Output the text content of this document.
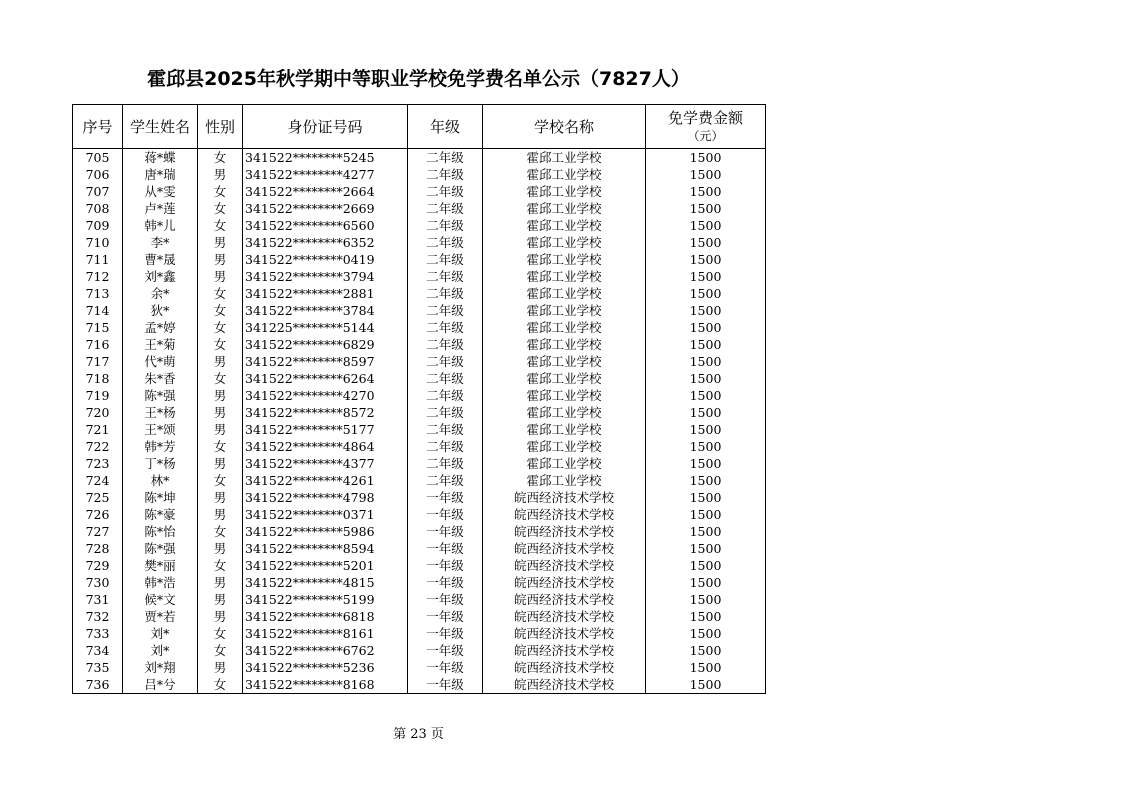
霍邱县2025年秋学期中等职业学校免学费名单公示（7827人）
序号	学生姓名	性别	身份证号码	年级	学校名称	免学费金额
（元）

705	蒋*蝶	女	341522********5245	二年级	霍邱工业学校	1500
706	唐*瑞	男	341522********4277	二年级	霍邱工业学校	1500
707	从*雯	女	341522********2664	二年级	霍邱工业学校	1500
708	卢*莲	女	341522********2669	二年级	霍邱工业学校	1500
709	韩*儿	女	341522********6560	二年级	霍邱工业学校	1500
710	李*	男	341522********6352	二年级	霍邱工业学校	1500
711	曹*晟	男	341522********0419	二年级	霍邱工业学校	1500
712	刘*鑫	男	341522********3794	二年级	霍邱工业学校	1500
713	余*	女	341522********2881	二年级	霍邱工业学校	1500
714	狄*	女	341522********3784	二年级	霍邱工业学校	1500
715	孟*婷	女	341225********5144	二年级	霍邱工业学校	1500
716	王*菊	女	341522********6829	二年级	霍邱工业学校	1500
717	代*萌	男	341522********8597	二年级	霍邱工业学校	1500
718	朱*香	女	341522********6264	二年级	霍邱工业学校	1500
719	陈*强	男	341522********4270	二年级	霍邱工业学校	1500
720	王*杨	男	341522********8572	二年级	霍邱工业学校	1500
721	王*颂	男	341522********5177	二年级	霍邱工业学校	1500
722	韩*芳	女	341522********4864	二年级	霍邱工业学校	1500
723	丁*杨	男	341522********4377	二年级	霍邱工业学校	1500
724	林*	女	341522********4261	二年级	霍邱工业学校	1500
725	陈*坤	男	341522********4798	一年级	皖西经济技术学校	1500
726	陈*豪	男	341522********0371	一年级	皖西经济技术学校	1500
727	陈*怡	女	341522********5986	一年级	皖西经济技术学校	1500
728	陈*强	男	341522********8594	一年级	皖西经济技术学校	1500
729	樊*丽	女	341522********5201	一年级	皖西经济技术学校	1500
730	韩*浩	男	341522********4815	一年级	皖西经济技术学校	1500
731	候*文	男	341522********5199	一年级	皖西经济技术学校	1500
732	贾*若	男	341522********6818	一年级	皖西经济技术学校	1500
733	刘*	女	341522********8161	一年级	皖西经济技术学校	1500
734	刘*	女	341522********6762	一年级	皖西经济技术学校	1500
735	刘*翔	男	341522********5236	一年级	皖西经济技术学校	1500
736	吕*兮	女	341522********8168	一年级	皖西经济技术学校	1500
第 23 页
